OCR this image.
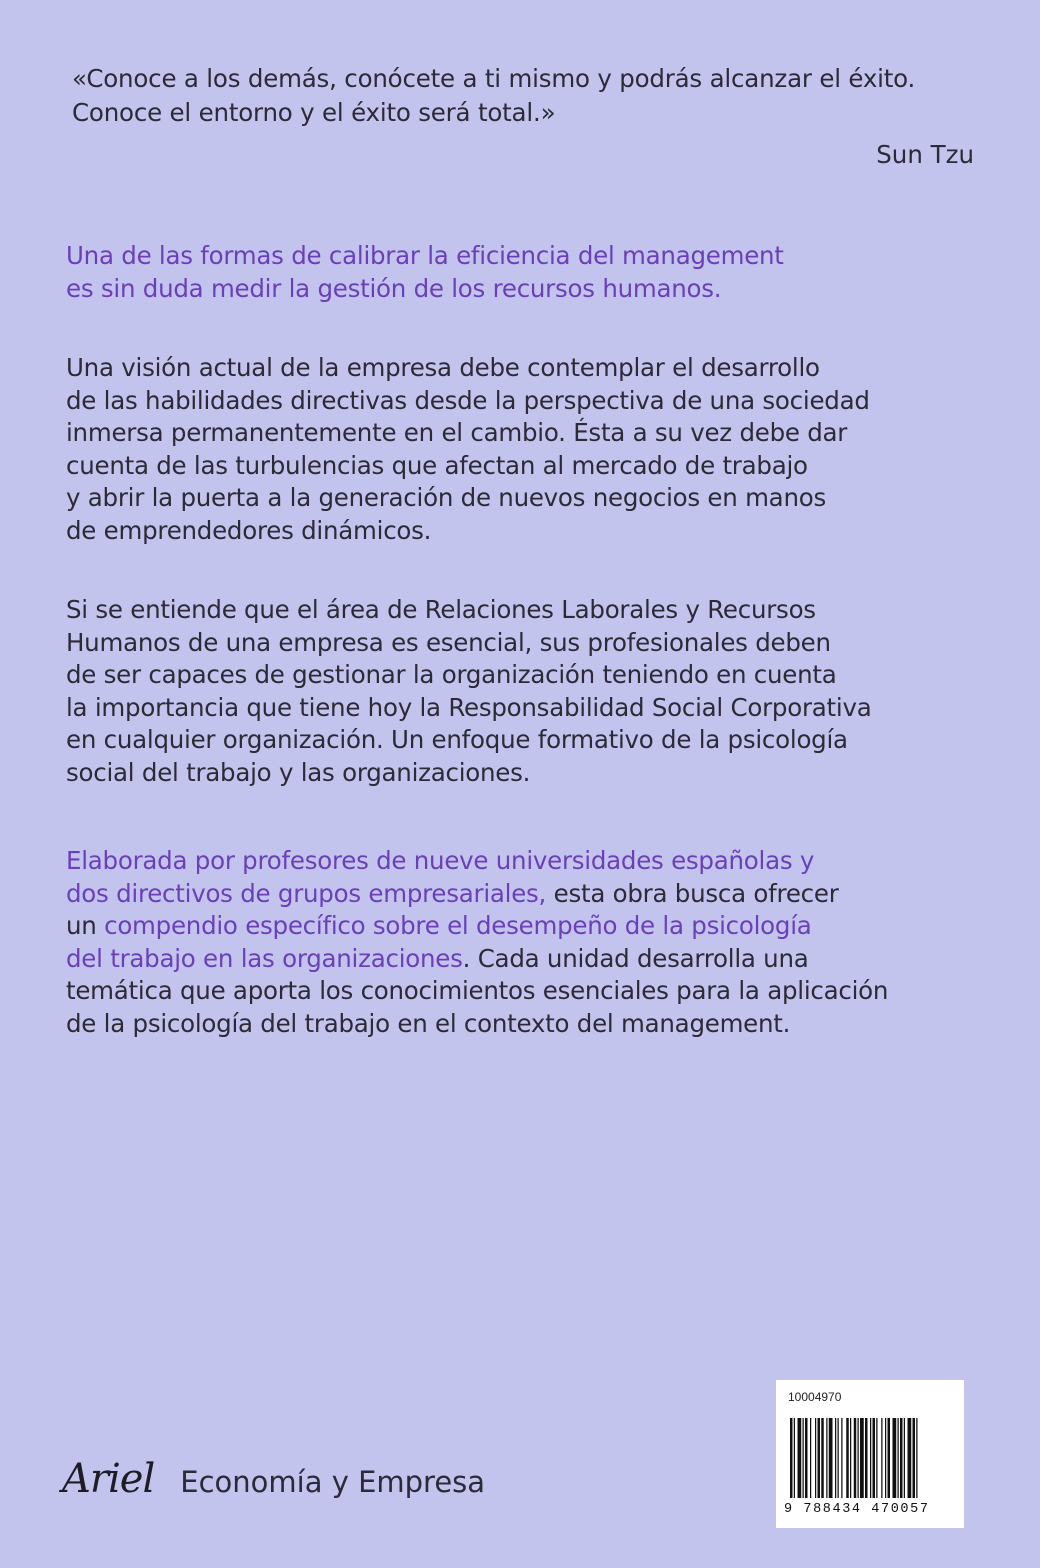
«Conoce a los demás, conócete a ti mismo y podrás alcanzar el éxito.
Conoce el entorno y el éxito será total.»
Sun Tzu
Una de las formas de calibrar la eficiencia del management
es sin duda medir la gestión de los recursos humanos.
Una visión actual de la empresa debe contemplar el desarrollo
de las habilidades directivas desde la perspectiva de una sociedad
inmersa permanentemente en el cambio. Ésta a su vez debe dar
cuenta de las turbulencias que afectan al mercado de trabajo
y abrir la puerta a la generación de nuevos negocios en manos
de emprendedores dinámicos.
Si se entiende que el área de Relaciones Laborales y Recursos
Humanos de una empresa es esencial, sus profesionales deben
de ser capaces de gestionar la organización teniendo en cuenta
la importancia que tiene hoy la Responsabilidad Social Corporativa
en cualquier organización. Un enfoque formativo de la psicología
social del trabajo y las organizaciones.
Elaborada por profesores de nueve universidades españolas y
dos directivos de grupos empresariales, esta obra busca ofrecer
un compendio específico sobre el desempeño de la psicología
del trabajo en las organizaciones. Cada unidad desarrolla una
temática que aporta los conocimientos esenciales para la aplicación
de la psicología del trabajo en el contexto del management.
Ariel Economía y Empresa
10004970
9 788434 470057
